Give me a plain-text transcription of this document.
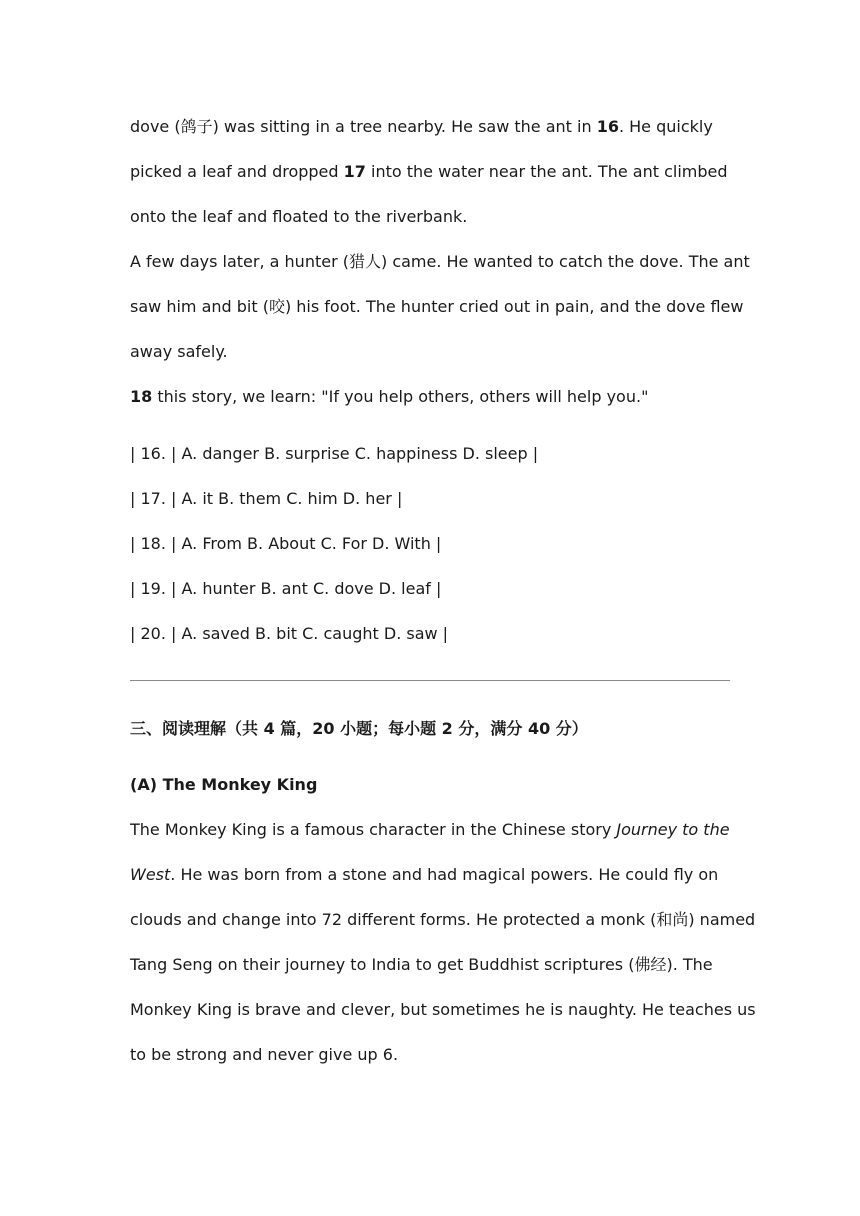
dove (鸽子) was sitting in a tree nearby. He saw the ant in 16. He quickly
picked a leaf and dropped 17 into the water near the ant. The ant climbed
onto the leaf and floated to the riverbank.
A few days later, a hunter (猎人) came. He wanted to catch the dove. The ant
saw him and bit (咬) his foot. The hunter cried out in pain, and the dove flew
away safely.
18 this story, we learn: "If you help others, others will help you."
| 16. | A. danger B. surprise C. happiness D. sleep |
| 17. | A. it B. them C. him D. her |
| 18. | A. From B. About C. For D. With |
| 19. | A. hunter B. ant C. dove D. leaf |
| 20. | A. saved B. bit C. caught D. saw |
三、阅读理解（共 4 篇，20 小题；每小题 2 分，满分 40 分）
(A) The Monkey King
The Monkey King is a famous character in the Chinese story Journey to the
West. He was born from a stone and had magical powers. He could fly on
clouds and change into 72 different forms. He protected a monk (和尚) named
Tang Seng on their journey to India to get Buddhist scriptures (佛经). The
Monkey King is brave and clever, but sometimes he is naughty. He teaches us
to be strong and never give up 6.
